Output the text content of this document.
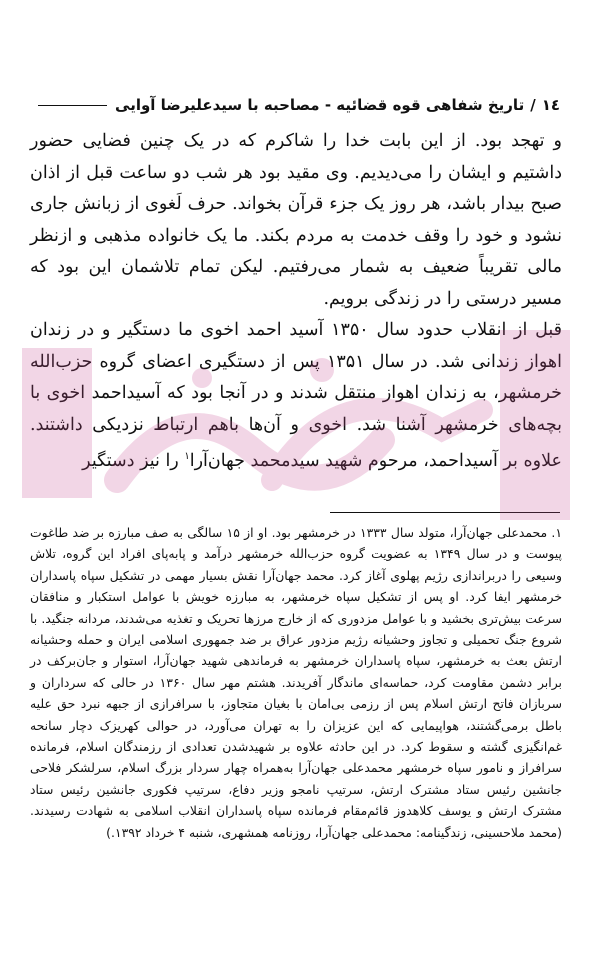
١٤
/
تاریخ شفاهی قوه قضائیه - مصاحبه با سیدعلیرضا آوایی

و تهجد بود. از این بابت خدا را شاکرم که در یک چنین فضایی حضور داشتیم و ایشان را می‌دیدیم. وی مقید بود هر شب دو ساعت قبل از اذان صبح بیدار باشد، هر روز یک جزء قرآن بخواند. حرف لَغوی از زبانش جاری نشود و خود را وقف خدمت به مردم بکند. ما یک خانواده مذهبی و ازنظر مالی تقریباً ضعیف به شمار می‌رفتیم. لیکن تمام تلاشمان این بود که مسیر درستی را در زندگی برویم.

قبل از انقلاب حدود سال ۱۳۵۰ آسید احمد اخوی ما دستگیر و در زندان اهواز زندانی شد. در سال ۱۳۵۱ پس از دستگیری اعضای گروه حزب‌الله خرمشهر، به زندان اهواز منتقل شدند و در آنجا بود که آسیداحمد اخوی با بچه‌های خرمشهر آشنا شد. اخوی و آن‌ها باهم ارتباط نزدیکی داشتند. علاوه بر آسیداحمد، مرحوم شهید سیدمحمد جهان‌آرا$^١$ را نیز دستگیر

۱. محمدعلی جهان‌آرا، متولد سال ۱۳۳۳ در خرمشهر بود. او از ۱۵ سالگی به صف مبارزه بر ضد طاغوت پیوست و در سال ۱۳۴۹ به عضویت گروه حزب‌الله خرمشهر درآمد و پابه‌پای افراد این گروه، تلاش وسیعی را دربراندازی رژیم پهلوی آغاز کرد. محمد جهان‌آرا نقش بسیار مهمی در تشکیل سپاه پاسداران خرمشهر ایفا کرد. او پس از تشکیل سپاه خرمشهر، به مبارزه خویش با عوامل استکبار و منافقان سرعت بیش‌تری بخشید و با عوامل مزدوری که از خارج مرزها تحریک و تغذیه می‌شدند، مردانه جنگید. با شروع جنگ تحمیلی و تجاوز وحشیانه رژیم مزدور عراق بر ضد جمهوری اسلامی ایران و حمله وحشیانه ارتش بعث به خرمشهر، سپاه پاسداران خرمشهر به فرماندهی شهید جهان‌آرا، استوار و جان‌برکف در برابر دشمن مقاومت کرد، حماسه‌ای ماندگار آفریدند. هشتم مهر سال ۱۳۶۰ در حالی که سرداران و سربازان فاتح ارتش اسلام پس از رزمی بی‌امان با بغیان متجاوز، با سرافرازی از جبهه نبرد حق علیه باطل برمی‌گشتند، هواپیمایی که این عزیزان را به تهران می‌آورد، در حوالی کهریزک دچار سانحه غم‌انگیزی گشته و سقوط کرد. در این حادثه علاوه بر شهیدشدن تعدادی از رزمندگان اسلام، فرمانده سرافراز و نامور سپاه خرمشهر محمدعلی جهان‌آرا به‌همراه چهار سردار بزرگ اسلام، سرلشکر فلاحی جانشین رئیس ستاد مشترک ارتش، سرتیپ نامجو وزیر دفاع، سرتیپ فکوری جانشین رئیس ستاد مشترک ارتش و یوسف کلاهدوز قائم‌مقام فرمانده سپاه پاسداران انقلاب اسلامی به شهادت رسیدند. (محمد ملاحسینی، زندگینامه: محمدعلی جهان‌آرا، روزنامه همشهری، شنبه ۴ خرداد ۱۳۹۲.)
